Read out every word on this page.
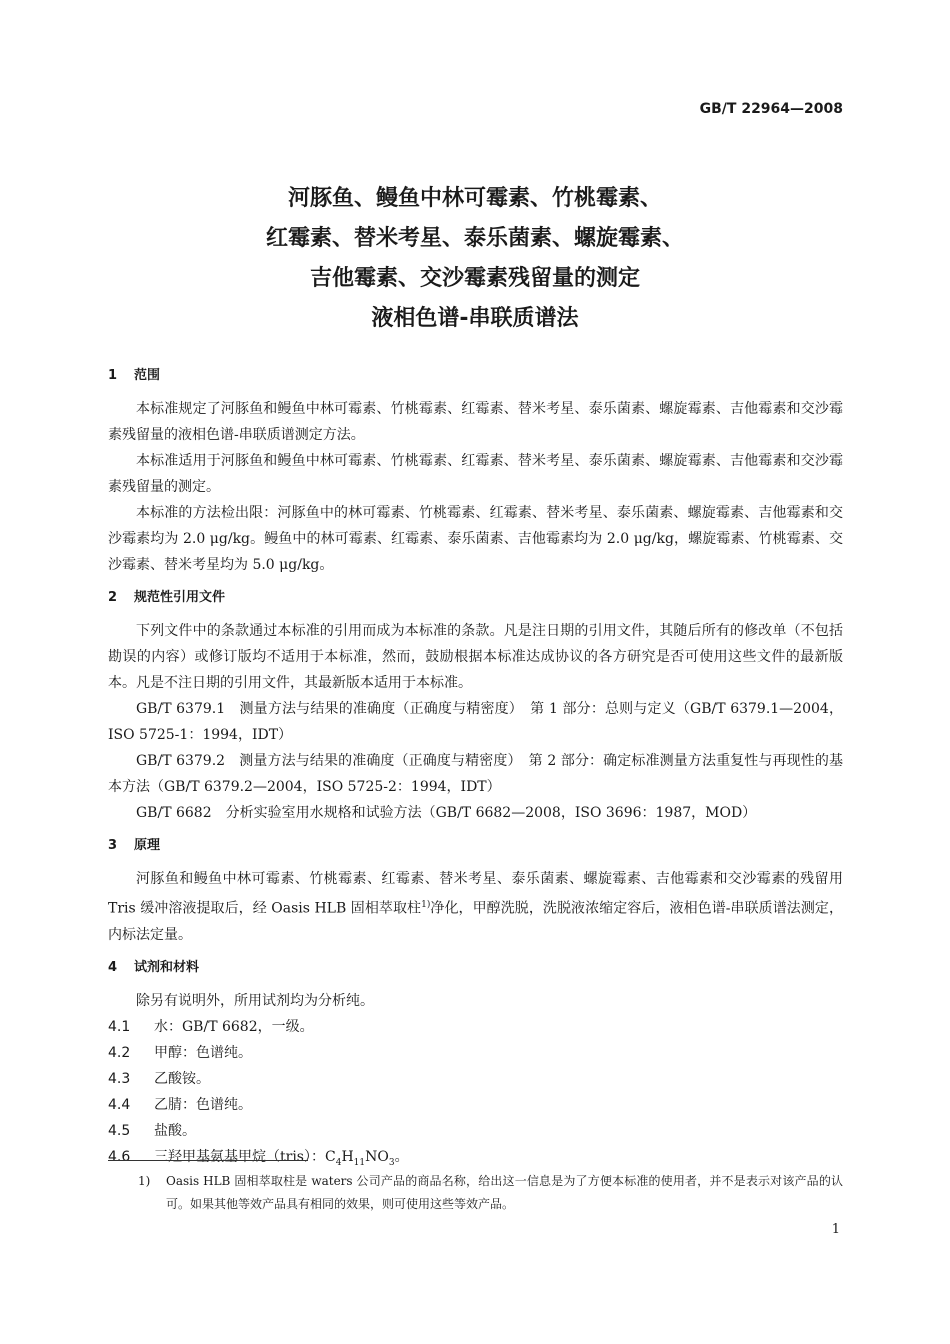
GB/T 22964—2008
河豚鱼、鳗鱼中林可霉素、竹桃霉素、
红霉素、替米考星、泰乐菌素、螺旋霉素、
吉他霉素、交沙霉素残留量的测定
液相色谱-串联质谱法
1 范围

本标准规定了河豚鱼和鳗鱼中林可霉素、竹桃霉素、红霉素、替米考星、泰乐菌素、螺旋霉素、吉他霉素和交沙霉素残留量的液相色谱-串联质谱测定方法。

本标准适用于河豚鱼和鳗鱼中林可霉素、竹桃霉素、红霉素、替米考星、泰乐菌素、螺旋霉素、吉他霉素和交沙霉素残留量的测定。

本标准的方法检出限：河豚鱼中的林可霉素、竹桃霉素、红霉素、替米考星、泰乐菌素、螺旋霉素、吉他霉素和交沙霉素均为 2.0 μg/kg。鳗鱼中的林可霉素、红霉素、泰乐菌素、吉他霉素均为 2.0 μg/kg，螺旋霉素、竹桃霉素、交沙霉素、替米考星均为 5.0 μg/kg。

2 规范性引用文件

下列文件中的条款通过本标准的引用而成为本标准的条款。凡是注日期的引用文件，其随后所有的修改单（不包括勘误的内容）或修订版均不适用于本标准，然而，鼓励根据本标准达成协议的各方研究是否可使用这些文件的最新版本。凡是不注日期的引用文件，其最新版本适用于本标准。

GB/T 6379.1　测量方法与结果的准确度（正确度与精密度）　第 1 部分：总则与定义（GB/T 6379.1—2004，ISO 5725-1：1994，IDT）

GB/T 6379.2　测量方法与结果的准确度（正确度与精密度）　第 2 部分：确定标准测量方法重复性与再现性的基本方法（GB/T 6379.2—2004，ISO 5725-2：1994，IDT）

GB/T 6682　分析实验室用水规格和试验方法（GB/T 6682—2008，ISO 3696：1987，MOD）

3 原理

河豚鱼和鳗鱼中林可霉素、竹桃霉素、红霉素、替米考星、泰乐菌素、螺旋霉素、吉他霉素和交沙霉素的残留用 Tris 缓冲溶液提取后，经 Oasis HLB 固相萃取柱$^{1)}$净化，甲醇洗脱，洗脱液浓缩定容后，液相色谱-串联质谱法测定，内标法定量。

4 试剂和材料

除另有说明外，所用试剂均为分析纯。

4.1 水：GB/T 6682，一级。
4.2 甲醇：色谱纯。
4.3 乙酸铵。
4.4 乙腈：色谱纯。
4.5 盐酸。
4.6 三羟甲基氨基甲烷（tris）：$C_4H_{11}NO_3$。
1) Oasis HLB 固相萃取柱是 waters 公司产品的商品名称，给出这一信息是为了方便本标准的使用者，并不是表示对该产品的认可。如果其他等效产品具有相同的效果，则可使用这些等效产品。
1
